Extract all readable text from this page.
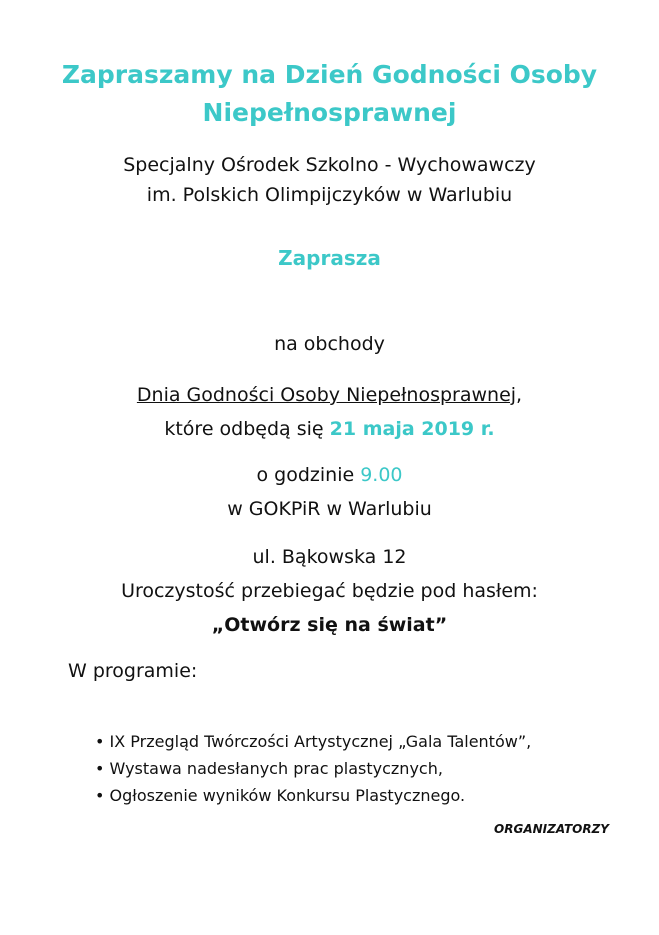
Zapraszamy na Dzień Godności Osoby
Niepełnosprawnej
Specjalny Ośrodek Szkolno - Wychowawczy
im. Polskich Olimpijczyków w Warlubiu
Zaprasza
na obchody
Dnia Godności Osoby Niepełnosprawnej,
które odbędą się 21 maja 2019 r.
o godzinie 9.00
w GOKPiR w Warlubiu
ul. Bąkowska 12
Uroczystość przebiegać będzie pod hasłem:
„Otwórz się na świat”
W programie:
• IX Przegląd Twórczości Artystycznej „Gala Talentów”,
• Wystawa nadesłanych prac plastycznych,
• Ogłoszenie wyników Konkursu Plastycznego.
ORGANIZATORZY
